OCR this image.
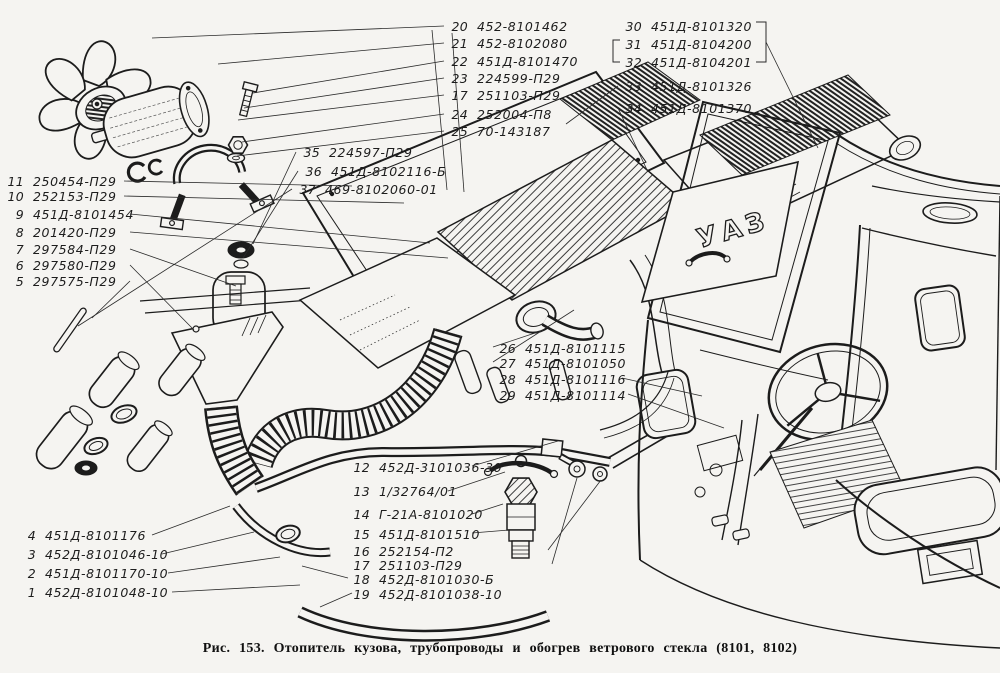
УАЗ
20 452-8101462
21 452-8102080
22 451Д-8101470
23 224599-П29
17 251103-П29
24 252004-П8
25 70-143187
30 451Д-8101320
31 451Д-8104200
32 451Д-8104201
33 451Д-8101326
34 451Д-8101370
11 250454-П29
10 252153-П29
9 451Д-8101454
8 201420-П29
7 297584-П29
6 297580-П29
5 297575-П29
35 224597-П29
36 451Д-8102116-Б
37 469-8102060-01
26 451Д-8101115
27 451Д-8101050
28 451Д-8101116
29 451Д-8101114
12 452Д-3101036-30
13 1/32764/01
14 Г-21А-8101020
15 451Д-8101510
16 252154-П2
17 251103-П29
18 452Д-8101030-Б
19 452Д-8101038-10
4 451Д-8101176
3 452Д-8101046-10
2 451Д-8101170-10
1 452Д-8101048-10
Рис. 153. Отопитель кузова, трубопроводы и обогрев ветрового стекла (8101, 8102)
